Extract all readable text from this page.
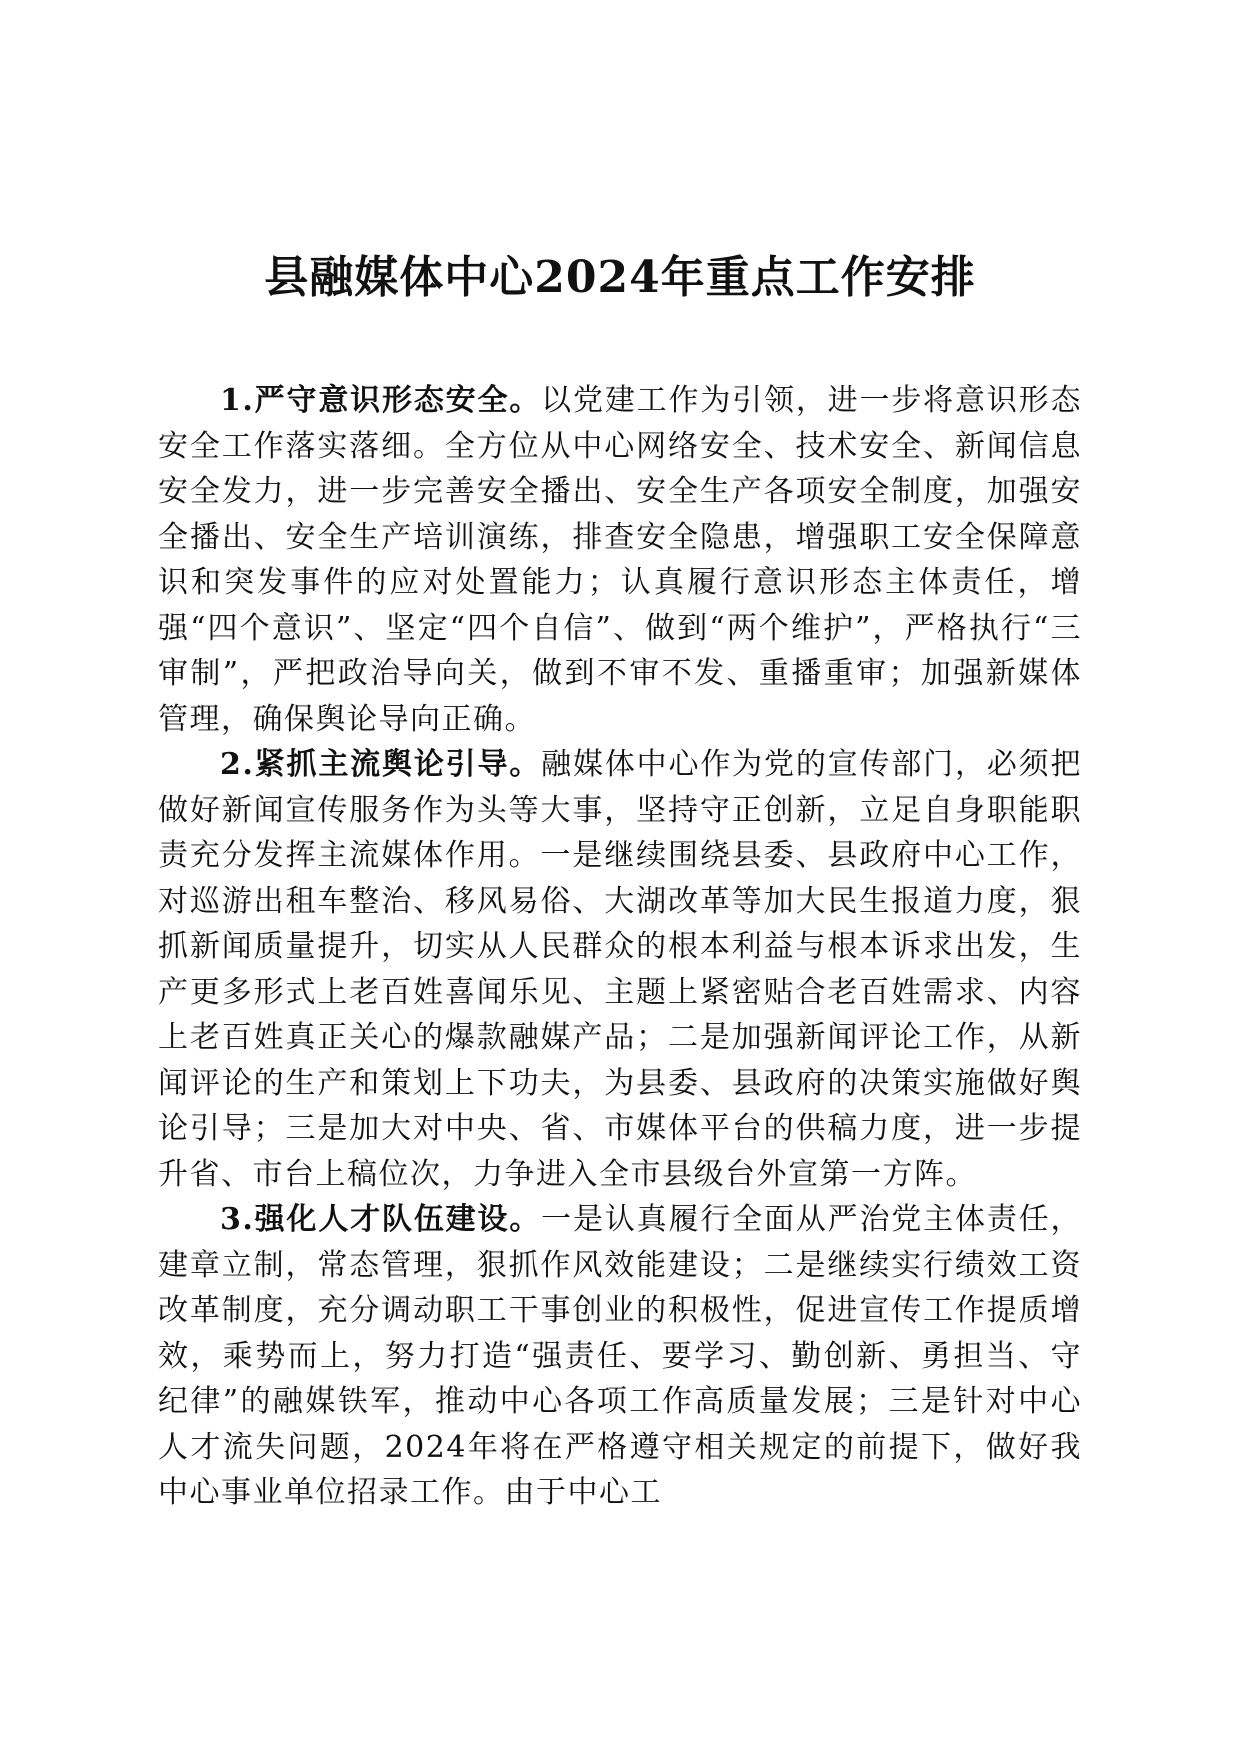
县融媒体中心2024年重点工作安排

1.严守意识形态安全。以党建工作为引领，进一步将意识形态安全工作落实落细。全方位从中心网络安全、技术安全、新闻信息安全发力，进一步完善安全播出、安全生产各项安全制度，加强安全播出、安全生产培训演练，排查安全隐患，增强职工安全保障意识和突发事件的应对处置能力；认真履行意识形态主体责任，增强“四个意识”、坚定“四个自信”、做到“两个维护”，严格执行“三审制”，严把政治导向关，做到不审不发、重播重审；加强新媒体管理，确保舆论导向正确。

2.紧抓主流舆论引导。融媒体中心作为党的宣传部门，必须把做好新闻宣传服务作为头等大事，坚持守正创新，立足自身职能职责充分发挥主流媒体作用。一是继续围绕县委、县政府中心工作，对巡游出租车整治、移风易俗、大湖改革等加大民生报道力度，狠抓新闻质量提升，切实从人民群众的根本利益与根本诉求出发，生产更多形式上老百姓喜闻乐见、主题上紧密贴合老百姓需求、内容上老百姓真正关心的爆款融媒产品；二是加强新闻评论工作，从新闻评论的生产和策划上下功夫，为县委、县政府的决策实施做好舆论引导；三是加大对中央、省、市媒体平台的供稿力度，进一步提升省、市台上稿位次，力争进入全市县级台外宣第一方阵。

3.强化人才队伍建设。一是认真履行全面从严治党主体责任，建章立制，常态管理，狠抓作风效能建设；二是继续实行绩效工资改革制度，充分调动职工干事创业的积极性，促进宣传工作提质增效，乘势而上，努力打造“强责任、要学习、勤创新、勇担当、守纪律”的融媒铁军，推动中心各项工作高质量发展；三是针对中心人才流失问题，2024年将在严格遵守相关规定的前提下，做好我中心事业单位招录工作。由于中心工
